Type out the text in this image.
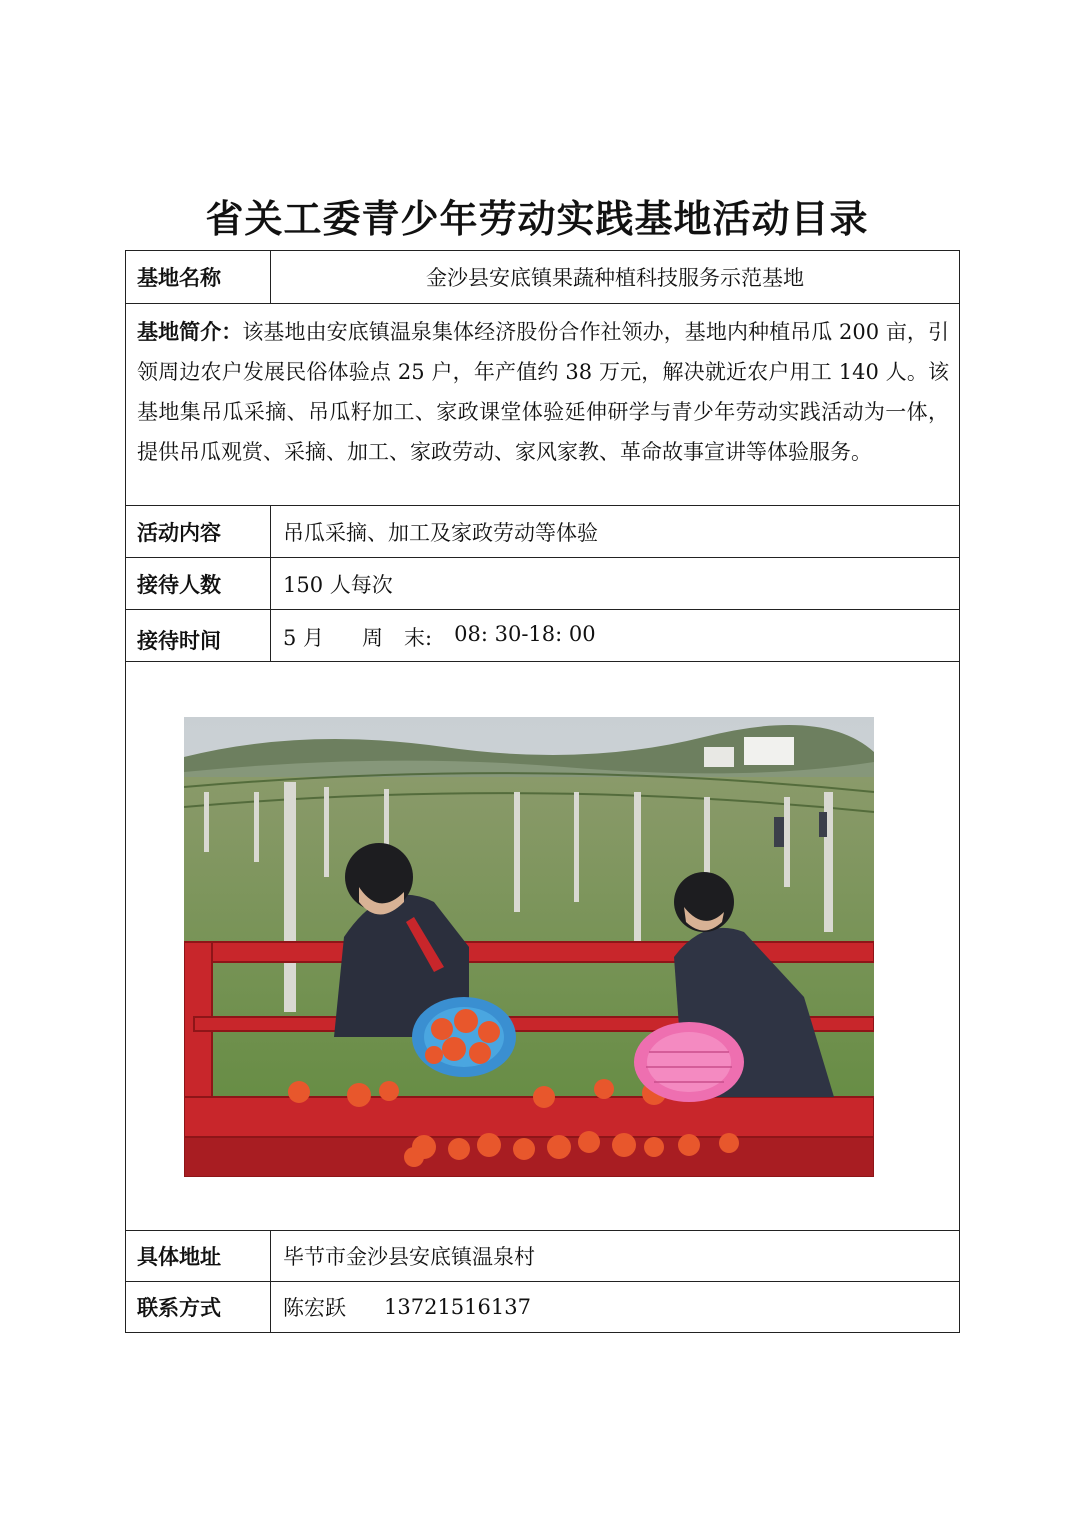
省关工委青少年劳动实践基地活动目录
基地名称	金沙县安底镇果蔬种植科技服务示范基地
基地简介：该基地由安底镇温泉集体经济股份合作社领办，基地内种植吊瓜 200 亩，引领周边农户发展民俗体验点 25 户，年产值约 38 万元，解决就近农户用工 140 人。该基地集吊瓜采摘、吊瓜籽加工、家政课堂体验延伸研学与青少年劳动实践活动为一体，提供吊瓜观赏、采摘、加工、家政劳动、家风家教、革命故事宣讲等体验服务。
活动内容	吊瓜采摘、加工及家政劳动等体验
接待人数	150 人每次
接待时间	5 月 周　末: 08: 30-18: 00
具体地址	毕节市金沙县安底镇温泉村
联系方式	陈宏跃 13721516137
